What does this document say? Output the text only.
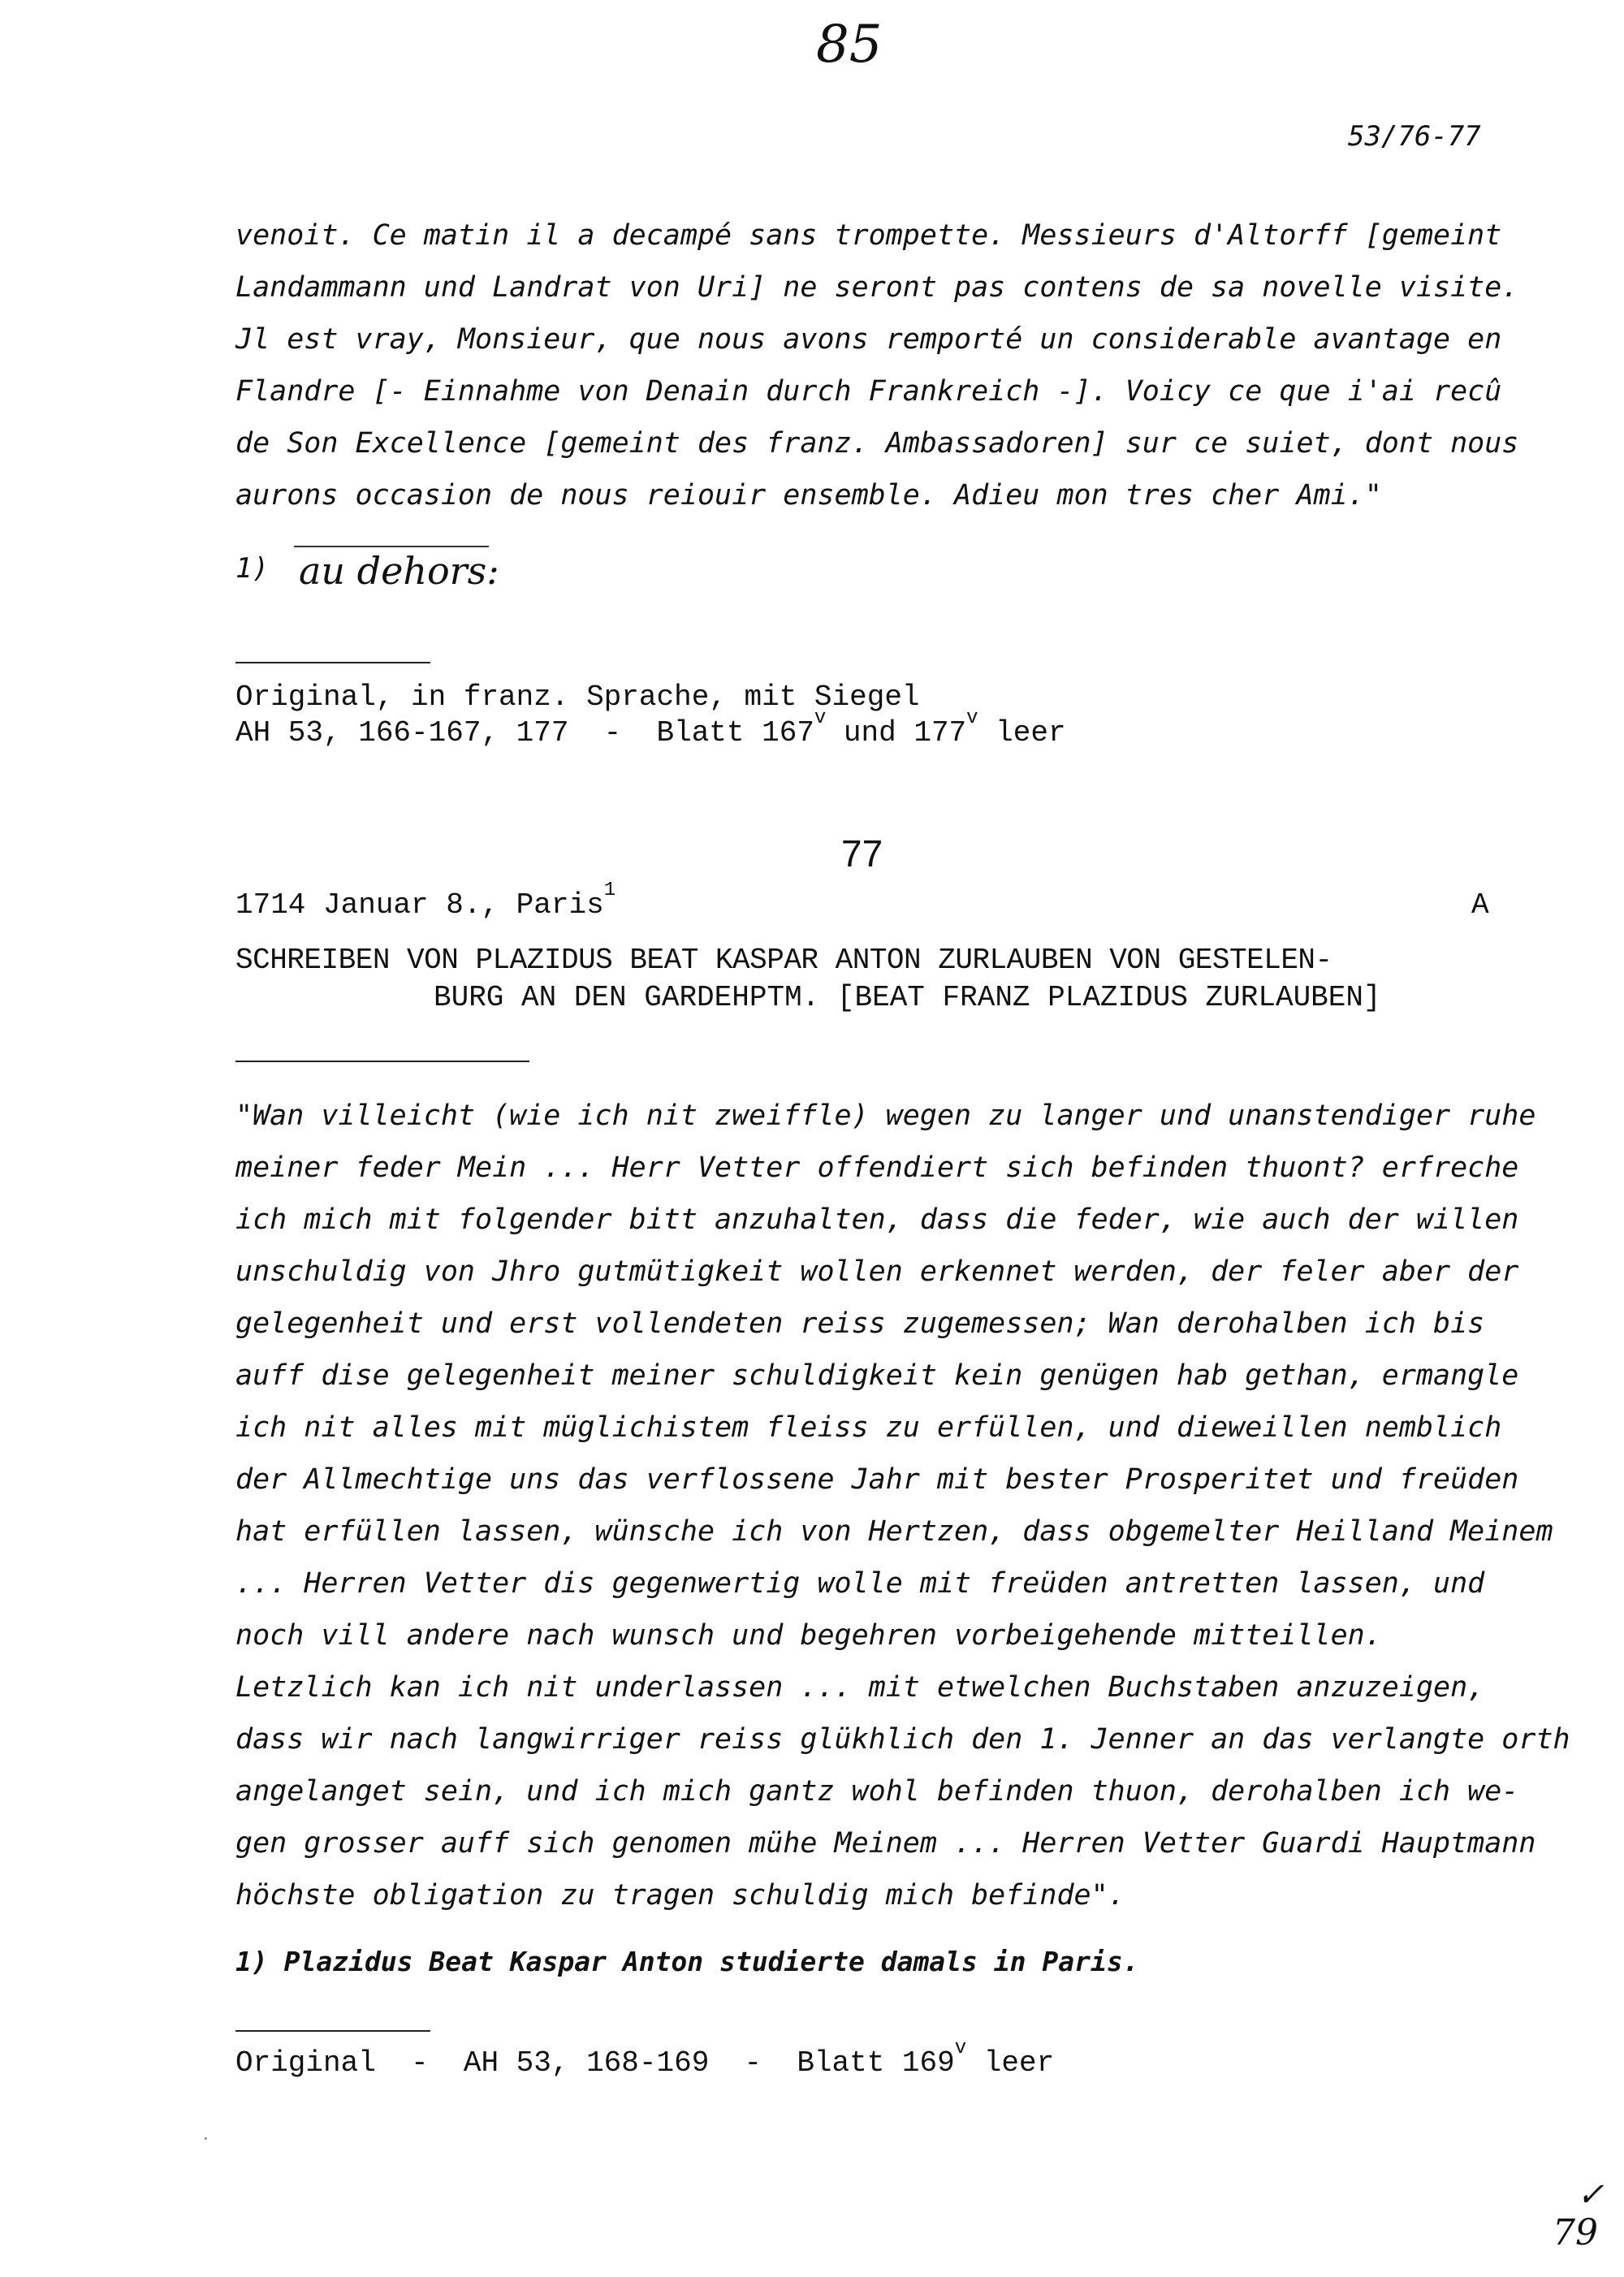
85
53/76-77
venoit. Ce matin il a decampé sans trompette. Messieurs d'Altorff [gemeint
Landammann und Landrat von Uri] ne seront pas contens de sa novelle visite.
Jl est vray, Monsieur, que nous avons remporté un considerable avantage en
Flandre [- Einnahme von Denain durch Frankreich -]. Voicy ce que i'ai recû
de Son Excellence [gemeint des franz. Ambassadoren] sur ce suiet, dont nous
aurons occasion de nous reiouir ensemble. Adieu mon tres cher Ami."
1) au dehors:
Original, in franz. Sprache, mit Siegel
AH 53, 166-167, 177  -  Blatt 167$^v$ und 177$^v$ leer
77
1714 Januar 8., Paris$^1$	A
SCHREIBEN VON PLAZIDUS BEAT KASPAR ANTON ZURLAUBEN VON GESTELEN-
BURG AN DEN GARDEHPTM. [BEAT FRANZ PLAZIDUS ZURLAUBEN]
"Wan villeicht (wie ich nit zweiffle) wegen zu langer und unanstendiger ruhe
meiner feder Mein ... Herr Vetter offendiert sich befinden thuont? erfreche
ich mich mit folgender bitt anzuhalten, dass die feder, wie auch der willen
unschuldig von Jhro gutmütigkeit wollen erkennet werden, der feler aber der
gelegenheit und erst vollendeten reiss zugemessen; Wan derohalben ich bis
auff dise gelegenheit meiner schuldigkeit kein genügen hab gethan, ermangle
ich nit alles mit müglichistem fleiss zu erfüllen, und dieweillen nemblich
der Allmechtige uns das verflossene Jahr mit bester Prosperitet und freüden
hat erfüllen lassen, wünsche ich von Hertzen, dass obgemelter Heilland Meinem
... Herren Vetter dis gegenwertig wolle mit freüden antretten lassen, und
noch vill andere nach wunsch und begehren vorbeigehende mitteillen.
Letzlich kan ich nit underlassen ... mit etwelchen Buchstaben anzuzeigen,
dass wir nach langwirriger reiss glükhlich den 1. Jenner an das verlangte orth
angelanget sein, und ich mich gantz wohl befinden thuon, derohalben ich we-
gen grosser auff sich genomen mühe Meinem ... Herren Vetter Guardi Hauptmann
höchste obligation zu tragen schuldig mich befinde".
1) Plazidus Beat Kaspar Anton studierte damals in Paris.
Original  -  AH 53, 168-169  -  Blatt 169$^v$ leer
✓
79
